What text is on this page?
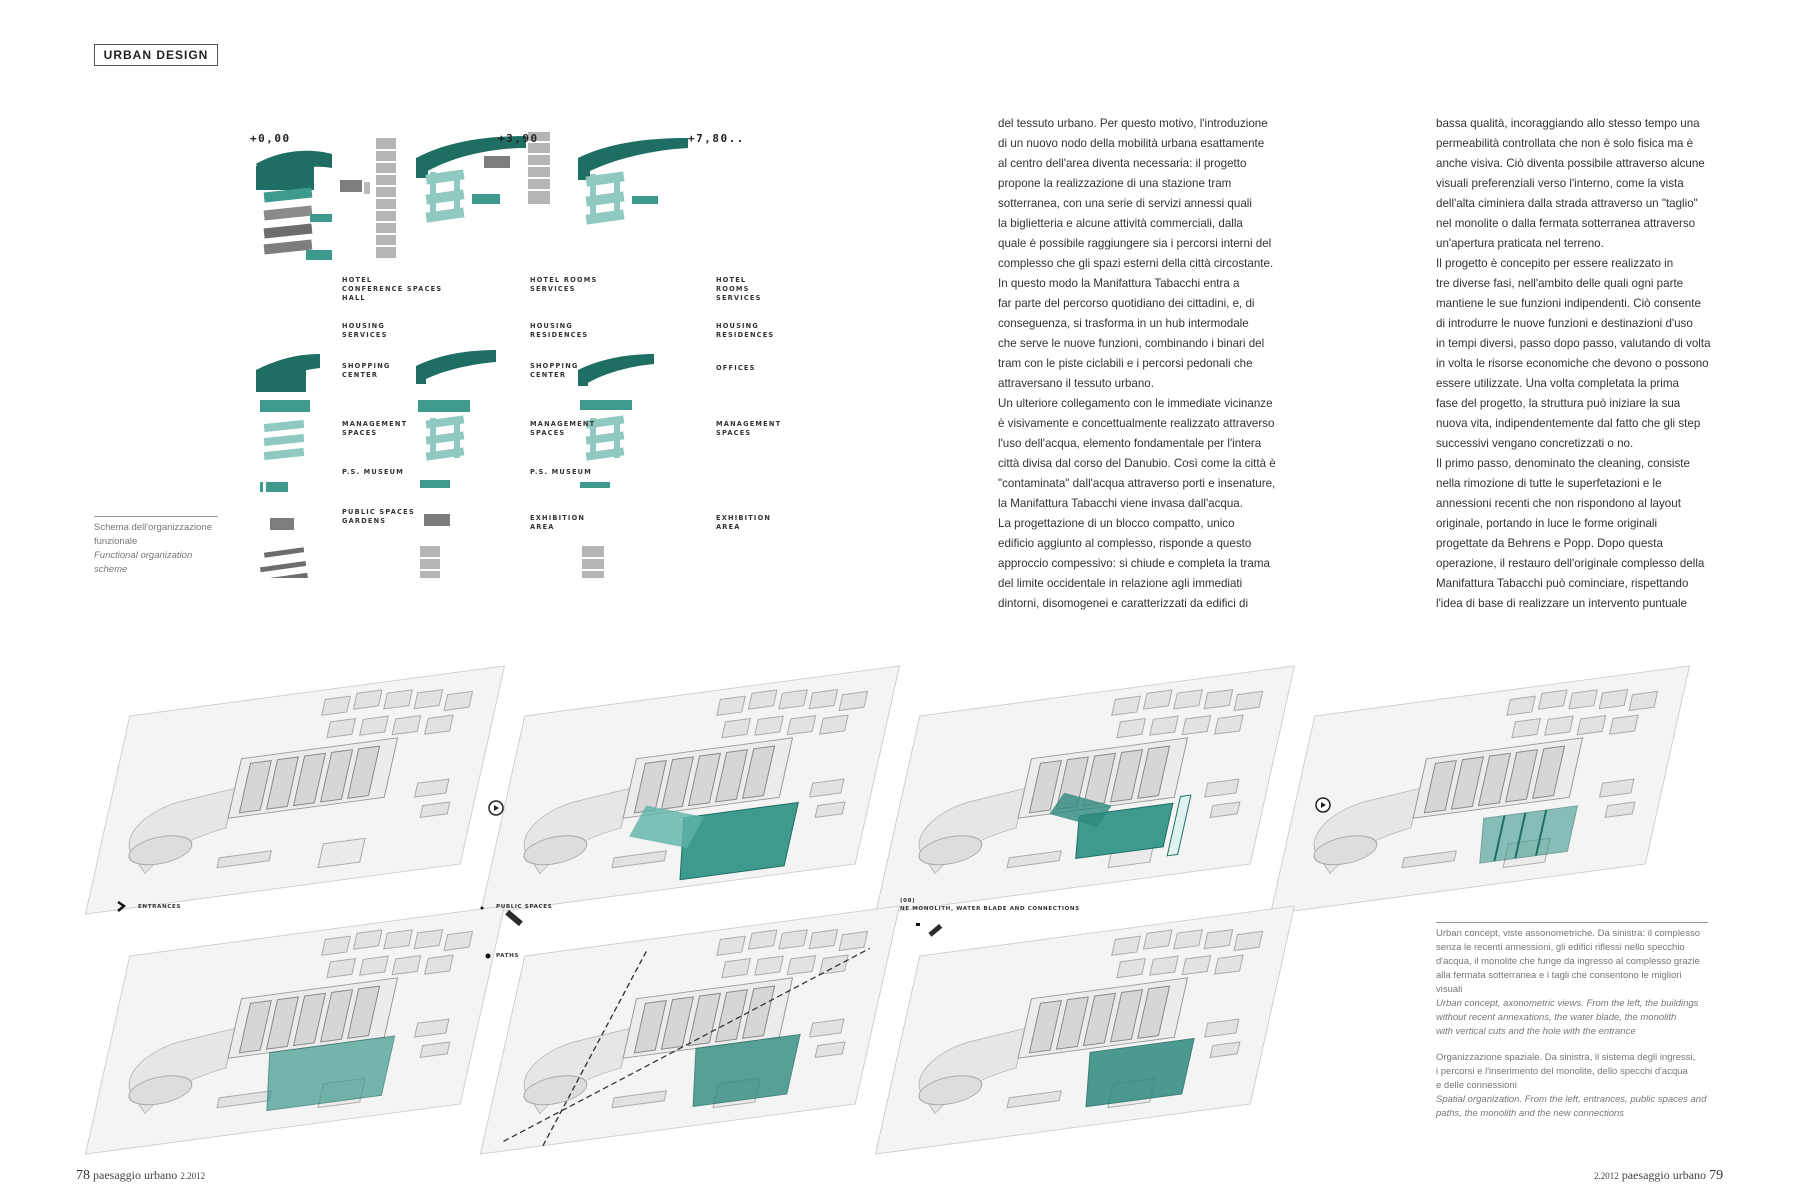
URBAN DESIGN
+0,00	+3,90	+7,80..
HOTEL
CONFERENCE SPACES
HALL
HOUSING
SERVICES
SHOPPING
CENTER
MANAGEMENT
SPACES
P.S. MUSEUM
PUBLIC SPACES
GARDENS
HOTEL ROOMS
SERVICES
HOUSING
RESIDENCES
SHOPPING
CENTER
MANAGEMENT
SPACES
P.S. MUSEUM
EXHIBITION
AREA
HOTEL ROOMS
SERVICES
HOUSING
RESIDENCES
OFFICES
MANAGEMENT
SPACES
EXHIBITION
AREA
Schema dell'organizzazione
funzionale
Functional organization
scheme

del tessuto urbano. Per questo motivo, l'introduzione

di un nuovo nodo della mobilità urbana esattamente

al centro dell'area diventa necessaria: il progetto

propone la realizzazione di una stazione tram

sotterranea, con una serie di servizi annessi quali

la biglietteria e alcune attività commerciali, dalla

quale è possibile raggiungere sia i percorsi interni del

complesso che gli spazi esterni della città circostante.

In questo modo la Manifattura Tabacchi entra a

far parte del percorso quotidiano dei cittadini, e, di

conseguenza, si trasforma in un hub intermodale

che serve le nuove funzioni, combinando i binari del

tram con le piste ciclabili e i percorsi pedonali che

attraversano il tessuto urbano.

Un ulteriore collegamento con le immediate vicinanze

è visivamente e concettualmente realizzato attraverso

l'uso dell'acqua, elemento fondamentale per l'intera

città divisa dal corso del Danubio. Così come la città è

"contaminata" dall'acqua attraverso porti e insenature,

la Manifattura Tabacchi viene invasa dall'acqua.

La progettazione di un blocco compatto, unico

edificio aggiunto al complesso, risponde a questo

approccio compessivo: si chiude e completa la trama

del limite occidentale in relazione agli immediati

dintorni, disomogenei e caratterizzati da edifici di

bassa qualità, incoraggiando allo stesso tempo una

permeabilità controllata che non è solo fisica ma è

anche visiva. Ciò diventa possibile attraverso alcune

visuali preferenziali verso l'interno, come la vista

dell'alta ciminiera dalla strada attraverso un "taglio"

nel monolite o dalla fermata sotterranea attraverso

un'apertura praticata nel terreno.

Il progetto è concepito per essere realizzato in

tre diverse fasi, nell'ambito delle quali ogni parte

mantiene le sue funzioni indipendenti. Ciò consente

di introdurre le nuove funzioni e destinazioni d'uso

in tempi diversi, passo dopo passo, valutando di volta

in volta le risorse economiche che devono o possono

essere utilizzate. Una volta completata la prima

fase del progetto, la struttura può iniziare la sua

nuova vita, indipendentemente dal fatto che gli step

successivi vengano concretizzati o no.

Il primo passo, denominato the cleaning, consiste

nella rimozione di tutte le superfetazioni e le

annessioni recenti che non rispondono al layout

originale, portando in luce le forme originali

progettate da Behrens e Popp. Dopo questa

operazione, il restauro dell'originale complesso della

Manifattura Tabacchi può cominciare, rispettando

l'idea di base di realizzare un intervento puntuale

ENTRANCES	PUBLIC SPACES
PATHS
(08)
NE MONOLITH, WATER BLADE AND CONNECTIONS
Urban concept, viste assonometriche. Da sinistra: il complesso
senza le recenti annessioni, gli edifici riflessi nello specchio
d'acqua, il monolite che funge da ingresso al complesso grazie
alla fermata sotterranea e i tagli che consentono le migliori visuali
Urban concept, axonometric views. From the left, the buildings
without recent annexations, the water blade, the monolith
with vertical cuts and the hole with the entrance
Organizzazione spaziale. Da sinistra, il sistema degli ingressi,
i percorsi e l'inserimento del monolite, dello specchi d'acqua
e delle connessioni
Spatial organization. From the left, entrances, public spaces and
paths, the monolith and the new connections
78 paesaggio urbano 2.2012	2.2012 paesaggio urbano 79
